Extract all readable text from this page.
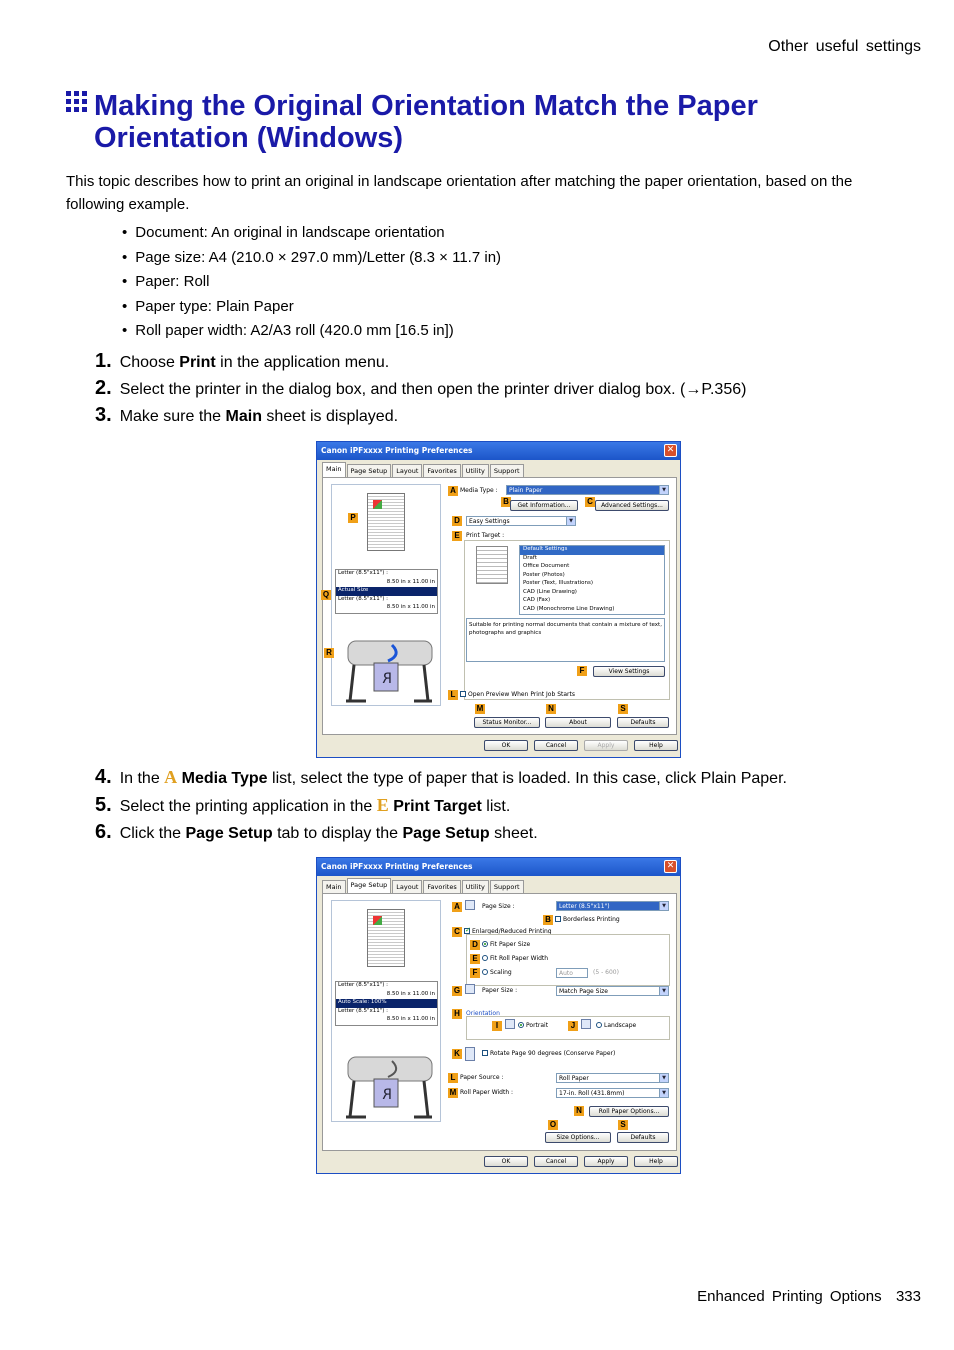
Other useful settings
Making the Original Orientation Match the Paper
Orientation (Windows)

This topic describes how to print an original in landscape orientation after matching the paper orientation, based on the following example.

• Document: An original in landscape orientation
• Page size: A4 (210.0 × 297.0 mm)/Letter (8.3 × 11.7 in)
• Paper: Roll
• Paper type: Plain Paper
• Roll paper width: A2/A3 roll (420.0 mm [16.5 in])
1. Choose Print in the application menu.
2. Select the printer in the dialog box, and then open the printer driver dialog box. (→P.356)
3. Make sure the Main sheet is displayed.
Canon iPFxxxx Printing Preferences	✕
Main	Page Setup	Layout	Favorites	Utility	Support
Letter (8.5"x11") :
8.50 in x 11.00 in
Actual Size
Letter (8.5"x11") :
8.50 in x 11.00 in
R
A Media Type :	Plain Paper	▼
B	Get Information...	C	Advanced Settings...
D	Easy Settings	▼
E	Print Target :
Default Settings
Draft
Office Document
Poster (Photos)
Poster (Text, Illustrations)
CAD (Line Drawing)
CAD (Fax)
CAD (Monochrome Line Drawing)
Suitable for printing normal documents that contain a mixture of text, photographs and graphics
F	View Settings
L	Open Preview When Print Job Starts
M	N	S
Status Monitor...	About	Defaults
P
Q
R
OK	Cancel	Apply	Help
4. In the A Media Type list, select the type of paper that is loaded. In this case, click Plain Paper.
5. Select the printing application in the E Print Target list.
6. Click the Page Setup tab to display the Page Setup sheet.
Canon iPFxxxx Printing Preferences	✕
Main	Page Setup	Layout	Favorites	Utility	Support
Letter (8.5"x11") :
8.50 in x 11.00 in
Auto Scale: 100%
Letter (8.5"x11") :
8.50 in x 11.00 in
R
A	Page Size :	Letter (8.5"x11")	▼
B	Borderless Printing
C
✓	Enlarged/Reduced Printing
D	Fit Paper Size
E	Fit Roll Paper Width
F	Scaling	Auto	(5 - 600)
G	Paper Size :	Match Page Size	▼
H	Orientation
I	Portrait	J	Landscape
K	Rotate Page 90 degrees (Conserve Paper)
L Paper Source :	Roll Paper	▼
M Roll Paper Width :	17-in. Roll (431.8mm)	▼
N	Roll Paper Options...
O	S
Size Options...	Defaults
OK	Cancel	Apply	Help
Enhanced Printing Options 333
